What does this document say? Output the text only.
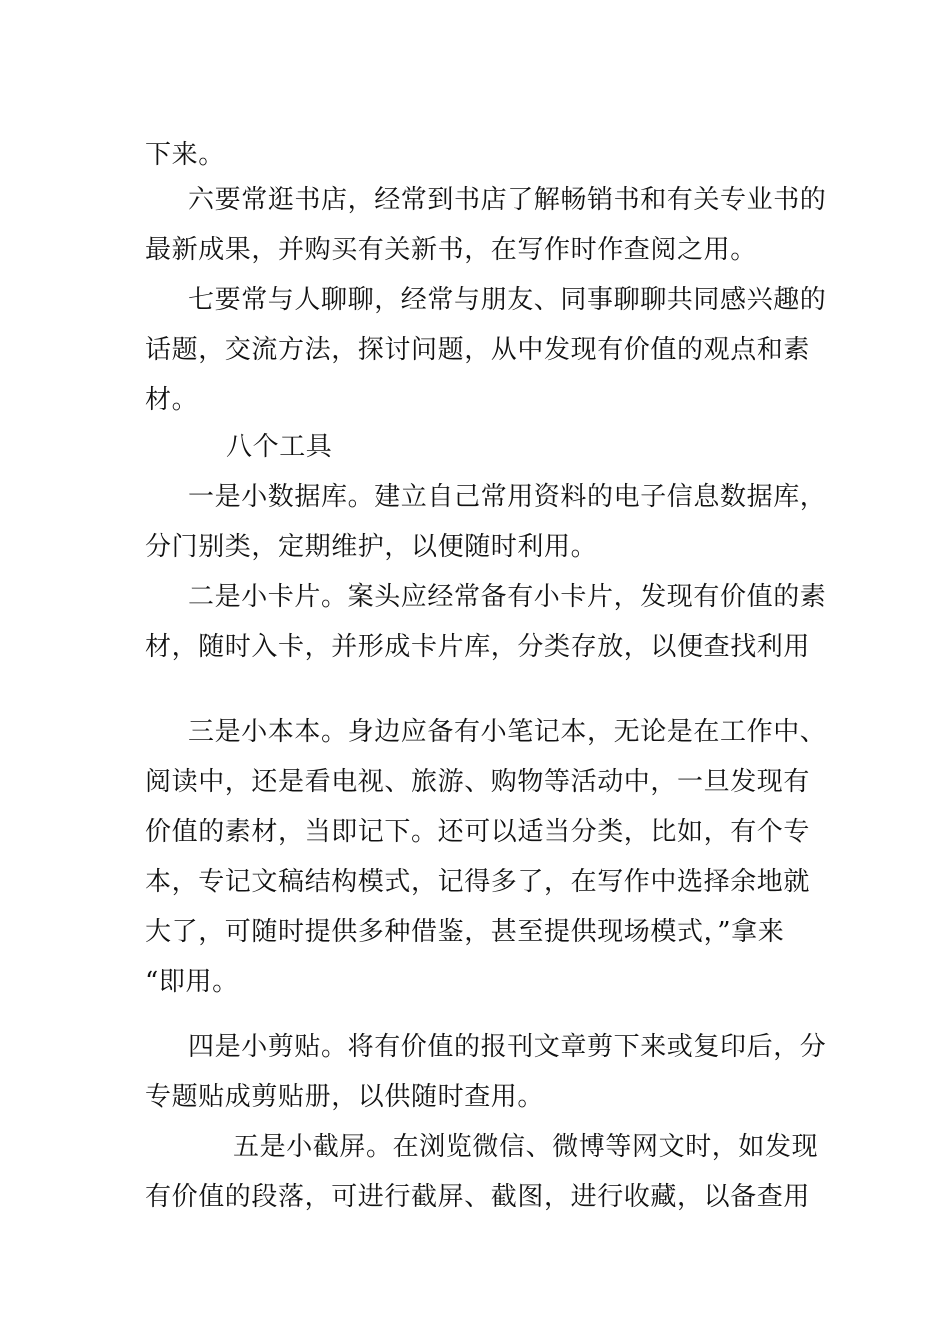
下来。
六要常逛书店，经常到书店了解畅销书和有关专业书的
最新成果，并购买有关新书，在写作时作查阅之用。
七要常与人聊聊，经常与朋友、同事聊聊共同感兴趣的
话题，交流方法，探讨问题，从中发现有价值的观点和素
材。
八个工具
一是小数据库。建立自己常用资料的电子信息数据库，
分门别类，定期维护，以便随时利用。
二是小卡片。案头应经常备有小卡片，发现有价值的素
材，随时入卡，并形成卡片库，分类存放，以便查找利用
三是小本本。身边应备有小笔记本，无论是在工作中、
阅读中，还是看电视、旅游、购物等活动中，一旦发现有
价值的素材，当即记下。还可以适当分类，比如，有个专
本，专记文稿结构模式，记得多了，在写作中选择余地就
大了，可随时提供多种借鉴，甚至提供现场模式，”拿来
“即用。
四是小剪贴。将有价值的报刊文章剪下来或复印后，分
专题贴成剪贴册，以供随时查用。
五是小截屏。在浏览微信、微博等网文时，如发现
有价值的段落，可进行截屏、截图，进行收藏，以备查用
